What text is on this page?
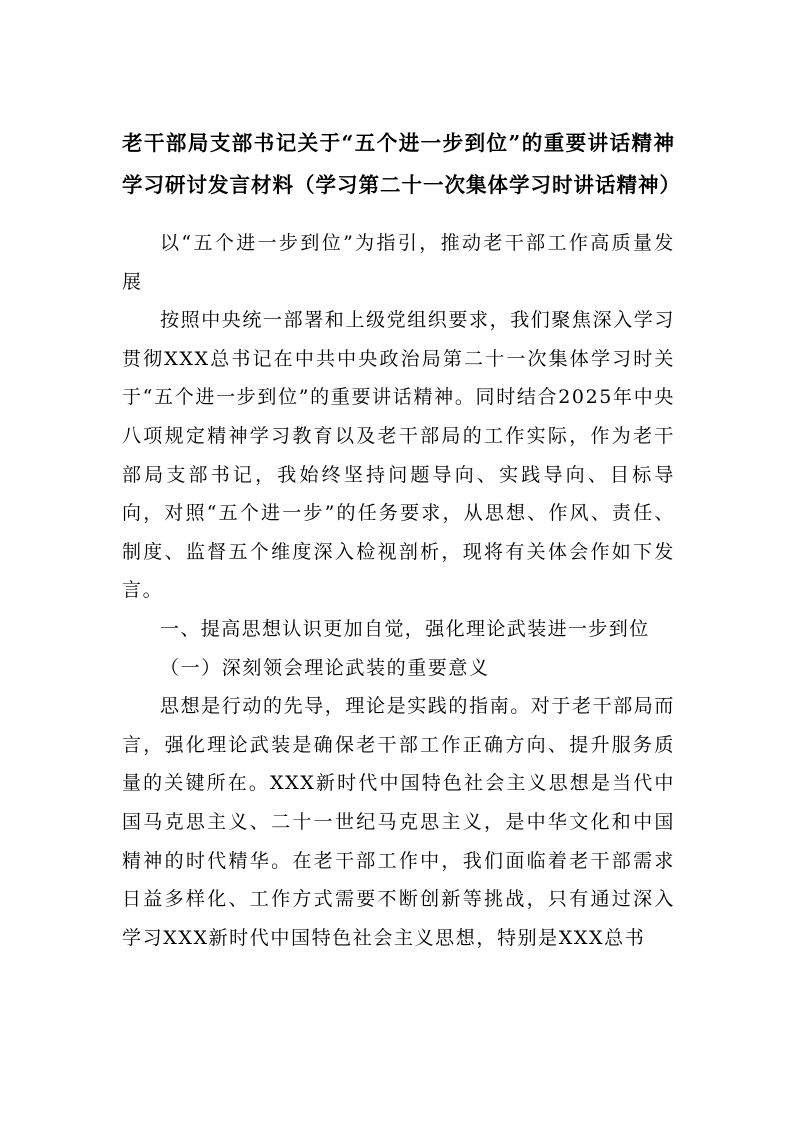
老干部局支部书记关于“五个进一步到位”的重要讲话精神
学习研讨发言材料（学习第二十一次集体学习时讲话精神）

以“五个进一步到位”为指引，推动老干部工作高质量发展

按照中央统一部署和上级党组织要求，我们聚焦深入学习贯彻XXX总书记在中共中央政治局第二十一次集体学习时关于“五个进一步到位”的重要讲话精神。同时结合2025年中央八项规定精神学习教育以及老干部局的工作实际，作为老干部局支部书记，我始终坚持问题导向、实践导向、目标导向，对照“五个进一步”的任务要求，从思想、作风、责任、制度、监督五个维度深入检视剖析，现将有关体会作如下发言。

一、提高思想认识更加自觉，强化理论武装进一步到位

（一）深刻领会理论武装的重要意义

思想是行动的先导，理论是实践的指南。对于老干部局而言，强化理论武装是确保老干部工作正确方向、提升服务质量的关键所在。XXX新时代中国特色社会主义思想是当代中国马克思主义、二十一世纪马克思主义，是中华文化和中国精神的时代精华。在老干部工作中，我们面临着老干部需求日益多样化、工作方式需要不断创新等挑战，只有通过深入学习XXX新时代中国特色社会主义思想，特别是XXX总书
